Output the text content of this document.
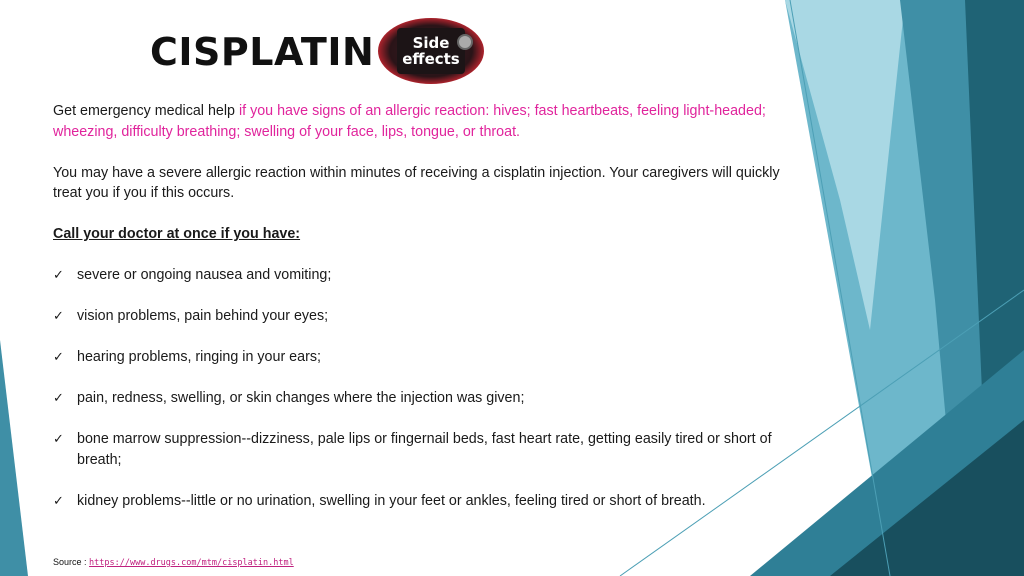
CISPLATIN	Side
effects

Get emergency medical help if you have signs of an allergic reaction: hives; fast heartbeats, feeling light-headed; wheezing, difficulty breathing; swelling of your face, lips, tongue, or throat.

You may have a severe allergic reaction within minutes of receiving a cisplatin injection. Your caregivers will quickly treat you if you if this occurs.

Call your doctor at once if you have:

✓ severe or ongoing nausea and vomiting;
✓ vision problems, pain behind your eyes;
✓ hearing problems, ringing in your ears;
✓ pain, redness, swelling, or skin changes where the injection was given;
✓ bone marrow suppression--dizziness, pale lips or fingernail beds, fast heart rate, getting easily tired or short of breath;
✓ kidney problems--little or no urination, swelling in your feet or ankles, feeling tired or short of breath.
Source : https://www.drugs.com/mtm/cisplatin.html
